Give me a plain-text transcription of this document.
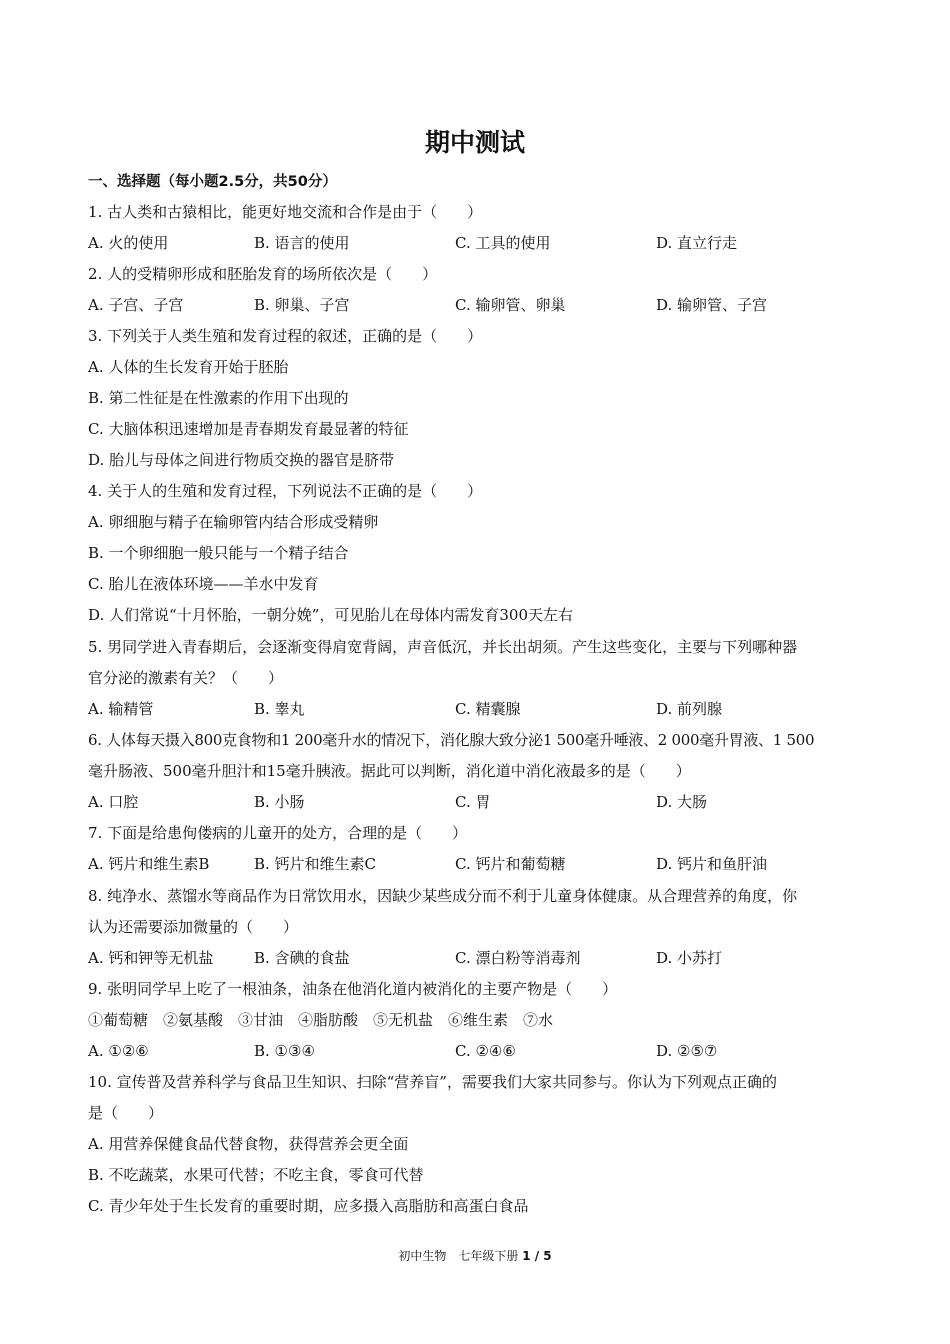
期中测试
一、选择题（每小题2.5分，共50分）
1. 古人类和古猿相比，能更好地交流和合作是由于（　　）
A. 火的使用	B. 语言的使用	C. 工具的使用	D. 直立行走
2. 人的受精卵形成和胚胎发育的场所依次是（　　）
A. 子宫、子宫	B. 卵巢、子宫	C. 输卵管、卵巢	D. 输卵管、子宫
3. 下列关于人类生殖和发育过程的叙述，正确的是（　　）
A. 人体的生长发育开始于胚胎
B. 第二性征是在性激素的作用下出现的
C. 大脑体积迅速增加是青春期发育最显著的特征
D. 胎儿与母体之间进行物质交换的器官是脐带
4. 关于人的生殖和发育过程，下列说法不正确的是（　　）
A. 卵细胞与精子在输卵管内结合形成受精卵
B. 一个卵细胞一般只能与一个精子结合
C. 胎儿在液体环境——羊水中发育
D. 人们常说“十月怀胎，一朝分娩”，可见胎儿在母体内需发育300天左右
5. 男同学进入青春期后，会逐渐变得肩宽背阔，声音低沉，并长出胡须。产生这些变化，主要与下列哪种器
官分泌的激素有关？（　　）
A. 输精管	B. 睾丸	C. 精囊腺	D. 前列腺
6. 人体每天摄入800克食物和1 200毫升水的情况下，消化腺大致分泌1 500毫升唾液、2 000毫升胃液、1 500
毫升肠液、500毫升胆汁和15毫升胰液。据此可以判断，消化道中消化液最多的是（　　）
A. 口腔	B. 小肠	C. 胃	D. 大肠
7. 下面是给患佝偻病的儿童开的处方，合理的是（　　）
A. 钙片和维生素B	B. 钙片和维生素C	C. 钙片和葡萄糖	D. 钙片和鱼肝油
8. 纯净水、蒸馏水等商品作为日常饮用水，因缺少某些成分而不利于儿童身体健康。从合理营养的角度，你
认为还需要添加微量的（　　）
A. 钙和钾等无机盐	B. 含碘的食盐	C. 漂白粉等消毒剂	D. 小苏打
9. 张明同学早上吃了一根油条，油条在他消化道内被消化的主要产物是（　　）
①葡萄糖　②氨基酸　③甘油　④脂肪酸　⑤无机盐　⑥维生素　⑦水
A. ①②⑥	B. ①③④	C. ②④⑥	D. ②⑤⑦
10. 宣传普及营养科学与食品卫生知识、扫除“营养盲”，需要我们大家共同参与。你认为下列观点正确的
是（　　）
A. 用营养保健食品代替食物，获得营养会更全面
B. 不吃蔬菜，水果可代替；不吃主食，零食可代替
C. 青少年处于生长发育的重要时期，应多摄入高脂肪和高蛋白食品
初中生物　七年级下册 1 / 5
